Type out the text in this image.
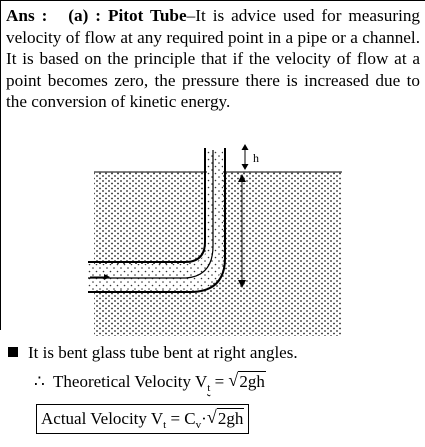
Ans : (a) : Pitot Tube–It is advice used for measuring velocity of flow at any required point in a pipe or a channel. It is based on the principle that if the velocity of flow at a point becomes zero, the pressure there is increased due to the conversion of kinetic energy.
h
It is bent glass tube bent at right angles.
∴ Theoretical Velocity $V_t$ = √ 2gh
Actual Velocity $V_t = C_v\cdot$ √ 2gh
